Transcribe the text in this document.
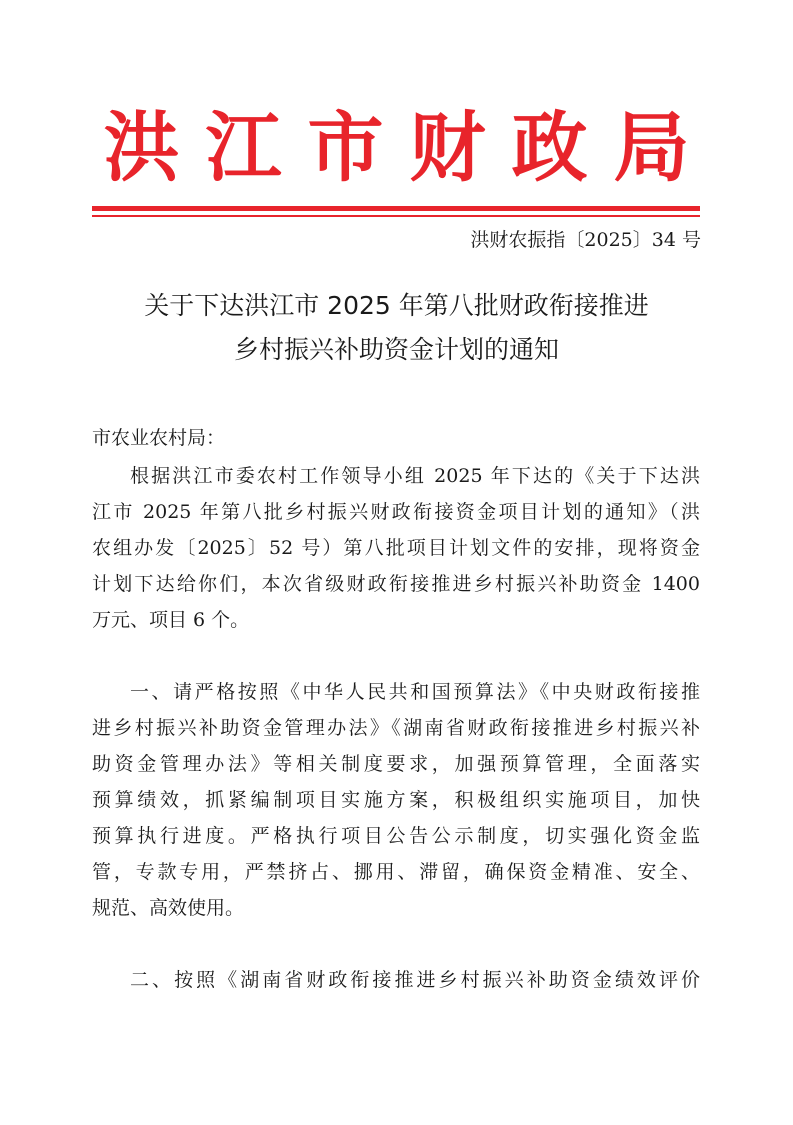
洪江市财政局
洪财农振指〔2025〕34 号
关于下达洪江市 2025 年第八批财政衔接推进
乡村振兴补助资金计划的通知
市农业农村局：
根据洪江市委农村工作领导小组 2025 年下达的《关于下达洪
江市 2025 年第八批乡村振兴财政衔接资金项目计划的通知》（洪
农组办发〔2025〕52 号）第八批项目计划文件的安排，现将资金
计划下达给你们，本次省级财政衔接推进乡村振兴补助资金 1400
万元、项目 6 个。
一、请严格按照《中华人民共和国预算法》《中央财政衔接推
进乡村振兴补助资金管理办法》《湖南省财政衔接推进乡村振兴补
助资金管理办法》等相关制度要求，加强预算管理，全面落实
预算绩效，抓紧编制项目实施方案，积极组织实施项目，加快
预算执行进度。严格执行项目公告公示制度，切实强化资金监
管，专款专用，严禁挤占、挪用、滞留，确保资金精准、安全、
规范、高效使用。
二、按照《湖南省财政衔接推进乡村振兴补助资金绩效评价
